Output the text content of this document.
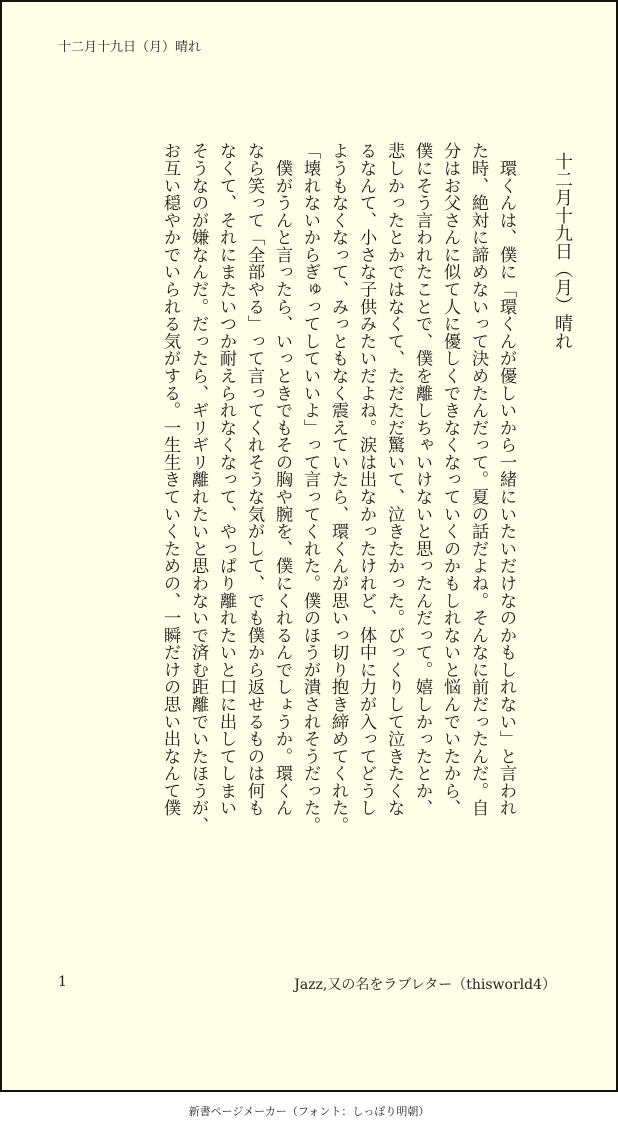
十二月十九日（月）晴れ

十二月十九日（月）晴れ

　環くんは、僕に「環くんが優しいから一緒にいたいだけなのかもしれない」と言われ

た時、絶対に諦めないって決めたんだって。夏の話だよね。そんなに前だったんだ。自

分はお父さんに似て人に優しくできなくなっていくのかもしれないと悩んでいたから、

僕にそう言われたことで、僕を離しちゃいけないと思ったんだって。嬉しかったとか、

悲しかったとかではなくて、ただただ驚いて、泣きたかった。びっくりして泣きたくな

るなんて、小さな子供みたいだよね。涙は出なかったけれど、体中に力が入ってどうし

ようもなくなって、みっともなく震えていたら、環くんが思いっ切り抱き締めてくれた。

「壊れないからぎゅってしていいよ」って言ってくれた。僕のほうが潰されそうだった。

　僕がうんと言ったら、いっときでもその胸や腕を、僕にくれるんでしょうか。環くん

なら笑って「全部やる」って言ってくれそうな気がして、でも僕から返せるものは何も

なくて、それにまたいつか耐えられなくなって、やっぱり離れたいと口に出してしまい

そうなのが嫌なんだ。だったら、ギリギリ離れたいと思わないで済む距離でいたほうが、

お互い穏やかでいられる気がする。一生生きていくための、一瞬だけの思い出なんて僕

1	Jazz,又の名をラブレター（thisworld4）
新書ページメーカー（フォント：しっぽり明朝）
